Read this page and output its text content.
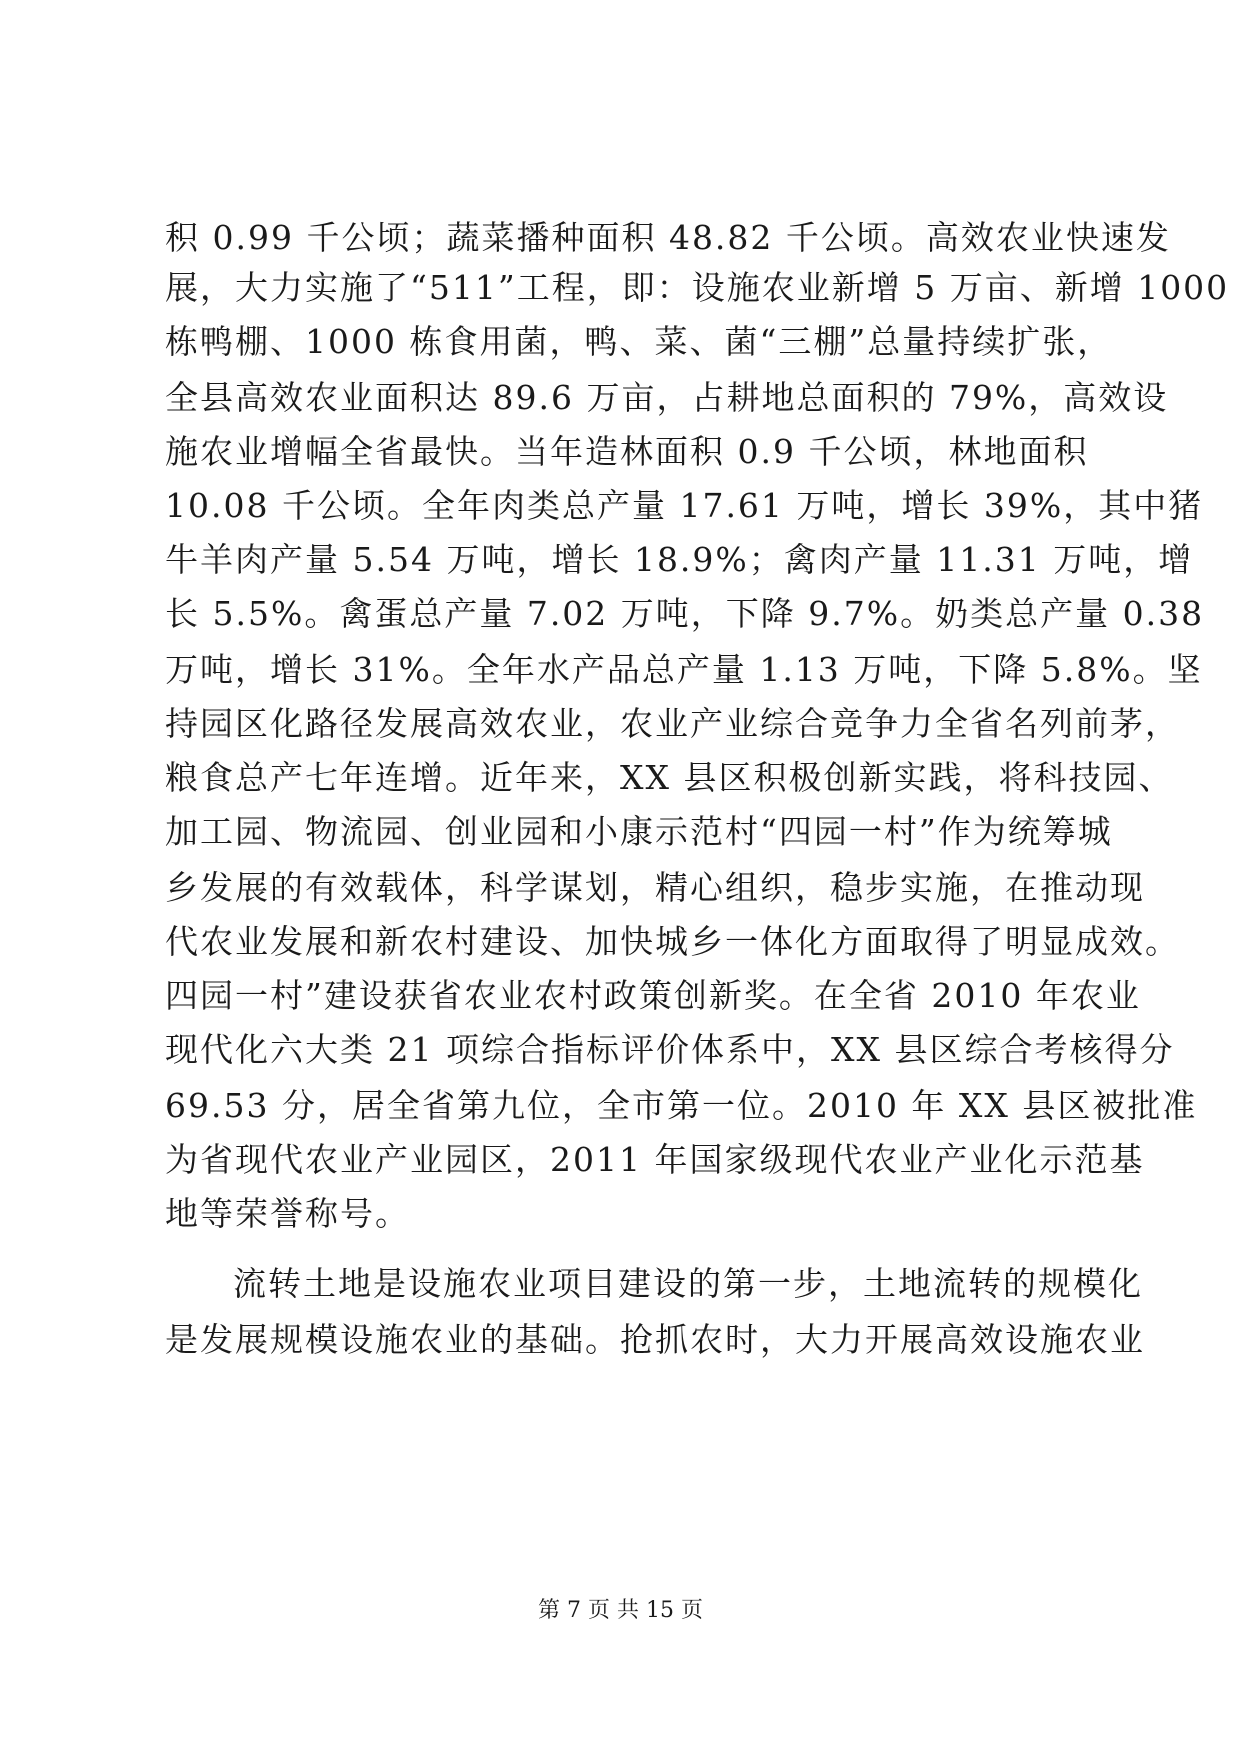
积 0.99 千公顷；蔬菜播种面积 48.82 千公顷。高效农业快速发
展，大力实施了“511”工程，即：设施农业新增 5 万亩、新增 1000
栋鸭棚、1000 栋食用菌，鸭、菜、菌“三棚”总量持续扩张，
全县高效农业面积达 89.6 万亩，占耕地总面积的 79%，高效设
施农业增幅全省最快。当年造林面积 0.9 千公顷，林地面积
10.08 千公顷。全年肉类总产量 17.61 万吨，增长 39%，其中猪
牛羊肉产量 5.54 万吨，增长 18.9%；禽肉产量 11.31 万吨，增
长 5.5%。禽蛋总产量 7.02 万吨，下降 9.7%。奶类总产量 0.38
万吨，增长 31%。全年水产品总产量 1.13 万吨，下降 5.8%。坚
持园区化路径发展高效农业，农业产业综合竞争力全省名列前茅，
粮食总产七年连增。近年来，XX 县区积极创新实践，将科技园、
加工园、物流园、创业园和小康示范村“四园一村”作为统筹城
乡发展的有效载体，科学谋划，精心组织，稳步实施，在推动现
代农业发展和新农村建设、加快城乡一体化方面取得了明显成效。
四园一村”建设获省农业农村政策创新奖。在全省 2010 年农业
现代化六大类 21 项综合指标评价体系中，XX 县区综合考核得分
69.53 分，居全省第九位，全市第一位。2010 年 XX 县区被批准
为省现代农业产业园区，2011 年国家级现代农业产业化示范基
地等荣誉称号。
流转土地是设施农业项目建设的第一步，土地流转的规模化
是发展规模设施农业的基础。抢抓农时，大力开展高效设施农业
第 7 页 共 15 页
